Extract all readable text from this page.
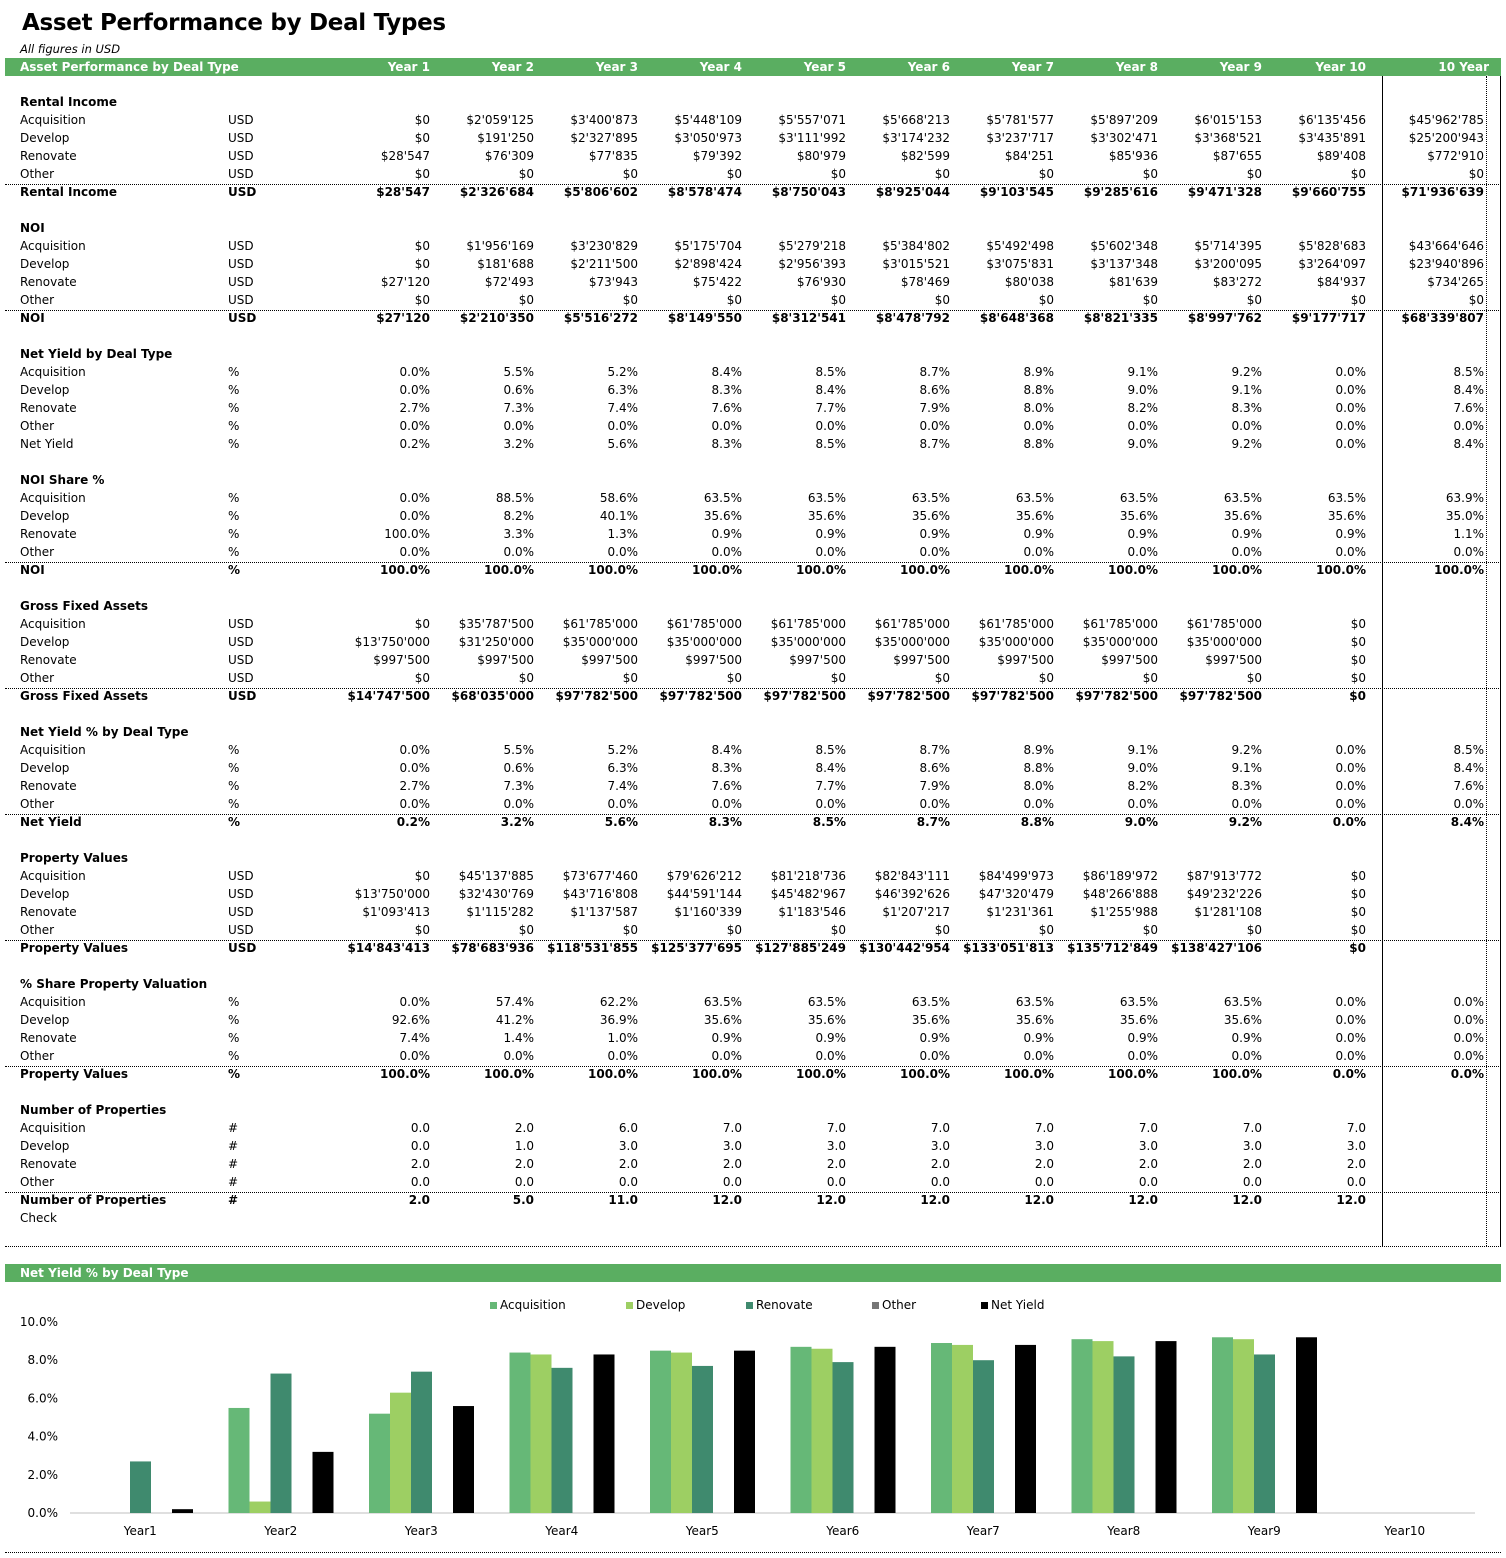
Asset Performance by Deal Types
All figures in USD
Asset Performance by Deal Type	Year 1	Year 2	Year 3	Year 4	Year 5	Year 6	Year 7	Year 8	Year 9	Year 10	10 Year Total
Rental Income
Acquisition	USD	$0	$2'059'125	$3'400'873	$5'448'109	$5'557'071	$5'668'213	$5'781'577	$5'897'209	$6'015'153	$6'135'456	$45'962'785
Develop	USD	$0	$191'250	$2'327'895	$3'050'973	$3'111'992	$3'174'232	$3'237'717	$3'302'471	$3'368'521	$3'435'891	$25'200'943
Renovate	USD	$28'547	$76'309	$77'835	$79'392	$80'979	$82'599	$84'251	$85'936	$87'655	$89'408	$772'910
Other	USD	$0	$0	$0	$0	$0	$0	$0	$0	$0	$0	$0
Rental Income	USD	$28'547	$2'326'684	$5'806'602	$8'578'474	$8'750'043	$8'925'044	$9'103'545	$9'285'616	$9'471'328	$9'660'755	$71'936'639
NOI
Acquisition	USD	$0	$1'956'169	$3'230'829	$5'175'704	$5'279'218	$5'384'802	$5'492'498	$5'602'348	$5'714'395	$5'828'683	$43'664'646
Develop	USD	$0	$181'688	$2'211'500	$2'898'424	$2'956'393	$3'015'521	$3'075'831	$3'137'348	$3'200'095	$3'264'097	$23'940'896
Renovate	USD	$27'120	$72'493	$73'943	$75'422	$76'930	$78'469	$80'038	$81'639	$83'272	$84'937	$734'265
Other	USD	$0	$0	$0	$0	$0	$0	$0	$0	$0	$0	$0
NOI	USD	$27'120	$2'210'350	$5'516'272	$8'149'550	$8'312'541	$8'478'792	$8'648'368	$8'821'335	$8'997'762	$9'177'717	$68'339'807
Net Yield by Deal Type
Acquisition	%	0.0%	5.5%	5.2%	8.4%	8.5%	8.7%	8.9%	9.1%	9.2%	0.0%	8.5%
Develop	%	0.0%	0.6%	6.3%	8.3%	8.4%	8.6%	8.8%	9.0%	9.1%	0.0%	8.4%
Renovate	%	2.7%	7.3%	7.4%	7.6%	7.7%	7.9%	8.0%	8.2%	8.3%	0.0%	7.6%
Other	%	0.0%	0.0%	0.0%	0.0%	0.0%	0.0%	0.0%	0.0%	0.0%	0.0%	0.0%
Net Yield	%	0.2%	3.2%	5.6%	8.3%	8.5%	8.7%	8.8%	9.0%	9.2%	0.0%	8.4%
NOI Share %
Acquisition	%	0.0%	88.5%	58.6%	63.5%	63.5%	63.5%	63.5%	63.5%	63.5%	63.5%	63.9%
Develop	%	0.0%	8.2%	40.1%	35.6%	35.6%	35.6%	35.6%	35.6%	35.6%	35.6%	35.0%
Renovate	%	100.0%	3.3%	1.3%	0.9%	0.9%	0.9%	0.9%	0.9%	0.9%	0.9%	1.1%
Other	%	0.0%	0.0%	0.0%	0.0%	0.0%	0.0%	0.0%	0.0%	0.0%	0.0%	0.0%
NOI	%	100.0%	100.0%	100.0%	100.0%	100.0%	100.0%	100.0%	100.0%	100.0%	100.0%	100.0%
Gross Fixed Assets
Acquisition	USD	$0	$35'787'500	$61'785'000	$61'785'000	$61'785'000	$61'785'000	$61'785'000	$61'785'000	$61'785'000	$0
Develop	USD	$13'750'000	$31'250'000	$35'000'000	$35'000'000	$35'000'000	$35'000'000	$35'000'000	$35'000'000	$35'000'000	$0
Renovate	USD	$997'500	$997'500	$997'500	$997'500	$997'500	$997'500	$997'500	$997'500	$997'500	$0
Other	USD	$0	$0	$0	$0	$0	$0	$0	$0	$0	$0
Gross Fixed Assets	USD	$14'747'500	$68'035'000	$97'782'500	$97'782'500	$97'782'500	$97'782'500	$97'782'500	$97'782'500	$97'782'500	$0
Net Yield % by Deal Type
Acquisition	%	0.0%	5.5%	5.2%	8.4%	8.5%	8.7%	8.9%	9.1%	9.2%	0.0%	8.5%
Develop	%	0.0%	0.6%	6.3%	8.3%	8.4%	8.6%	8.8%	9.0%	9.1%	0.0%	8.4%
Renovate	%	2.7%	7.3%	7.4%	7.6%	7.7%	7.9%	8.0%	8.2%	8.3%	0.0%	7.6%
Other	%	0.0%	0.0%	0.0%	0.0%	0.0%	0.0%	0.0%	0.0%	0.0%	0.0%	0.0%
Net Yield	%	0.2%	3.2%	5.6%	8.3%	8.5%	8.7%	8.8%	9.0%	9.2%	0.0%	8.4%
Property Values
Acquisition	USD	$0	$45'137'885	$73'677'460	$79'626'212	$81'218'736	$82'843'111	$84'499'973	$86'189'972	$87'913'772	$0
Develop	USD	$13'750'000	$32'430'769	$43'716'808	$44'591'144	$45'482'967	$46'392'626	$47'320'479	$48'266'888	$49'232'226	$0
Renovate	USD	$1'093'413	$1'115'282	$1'137'587	$1'160'339	$1'183'546	$1'207'217	$1'231'361	$1'255'988	$1'281'108	$0
Other	USD	$0	$0	$0	$0	$0	$0	$0	$0	$0	$0
Property Values	USD	$14'843'413	$78'683'936	$118'531'855	$125'377'695	$127'885'249	$130'442'954	$133'051'813	$135'712'849	$138'427'106	$0
% Share Property Valuation
Acquisition	%	0.0%	57.4%	62.2%	63.5%	63.5%	63.5%	63.5%	63.5%	63.5%	0.0%	0.0%
Develop	%	92.6%	41.2%	36.9%	35.6%	35.6%	35.6%	35.6%	35.6%	35.6%	0.0%	0.0%
Renovate	%	7.4%	1.4%	1.0%	0.9%	0.9%	0.9%	0.9%	0.9%	0.9%	0.0%	0.0%
Other	%	0.0%	0.0%	0.0%	0.0%	0.0%	0.0%	0.0%	0.0%	0.0%	0.0%	0.0%
Property Values	%	100.0%	100.0%	100.0%	100.0%	100.0%	100.0%	100.0%	100.0%	100.0%	0.0%	0.0%
Number of Properties
Acquisition	#	0.0	2.0	6.0	7.0	7.0	7.0	7.0	7.0	7.0	7.0
Develop	#	0.0	1.0	3.0	3.0	3.0	3.0	3.0	3.0	3.0	3.0
Renovate	#	2.0	2.0	2.0	2.0	2.0	2.0	2.0	2.0	2.0	2.0
Other	#	0.0	0.0	0.0	0.0	0.0	0.0	0.0	0.0	0.0	0.0
Number of Properties	#	2.0	5.0	11.0	12.0	12.0	12.0	12.0	12.0	12.0	12.0
Check
Net Yield % by Deal Type
Acquisition	Develop	Renovate	Other	Net Yield
0.0%
2.0%
4.0%
6.0%
8.0%
10.0%
Year1	Year2	Year3	Year4	Year5	Year6	Year7	Year8	Year9	Year10
